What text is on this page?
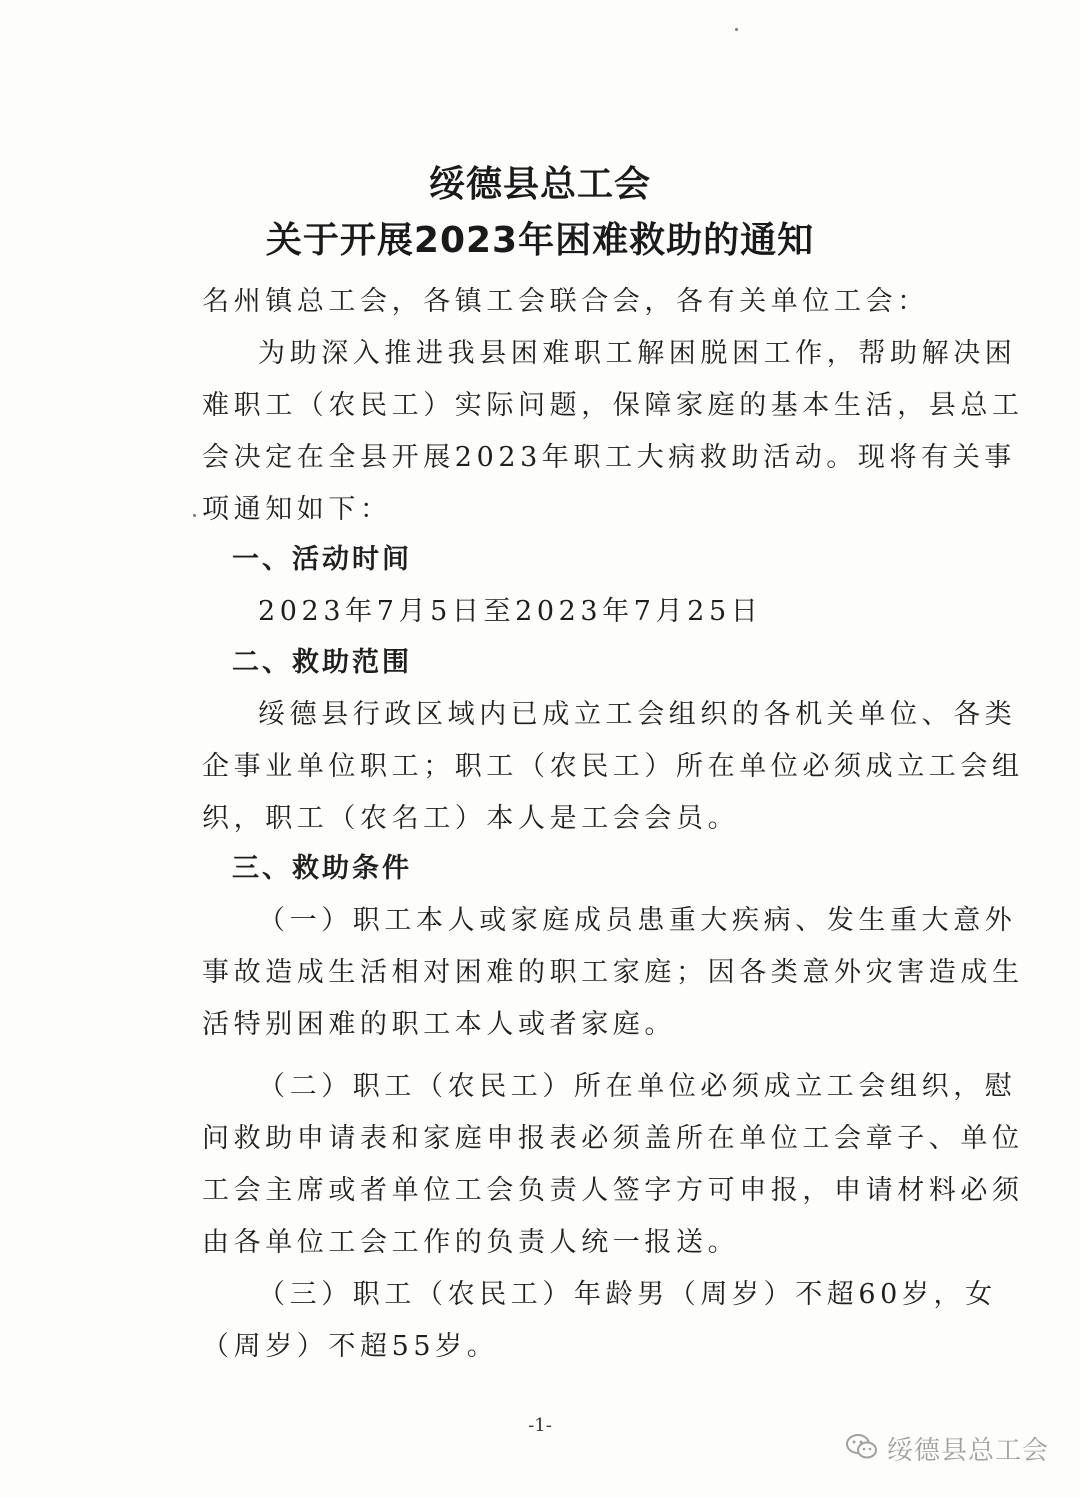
绥德县总工会
关于开展2023年困难救助的通知
名州镇总工会，各镇工会联合会，各有关单位工会：
为助深入推进我县困难职工解困脱困工作，帮助解决困
难职工（农民工）实际问题，保障家庭的基本生活，县总工
会决定在全县开展2023年职工大病救助活动。现将有关事
项通知如下：
一、活动时间
2023年7月5日至2023年7月25日
二、救助范围
绥德县行政区域内已成立工会组织的各机关单位、各类
企事业单位职工；职工（农民工）所在单位必须成立工会组
织，职工（农名工）本人是工会会员。
三、救助条件
（一）职工本人或家庭成员患重大疾病、发生重大意外
事故造成生活相对困难的职工家庭；因各类意外灾害造成生
活特别困难的职工本人或者家庭。
（二）职工（农民工）所在单位必须成立工会组织，慰
问救助申请表和家庭申报表必须盖所在单位工会章子、单位
工会主席或者单位工会负责人签字方可申报，申请材料必须
由各单位工会工作的负责人统一报送。
（三）职工（农民工）年龄男（周岁）不超60岁，女
（周岁）不超55岁。
-1-
绥德县总工会
